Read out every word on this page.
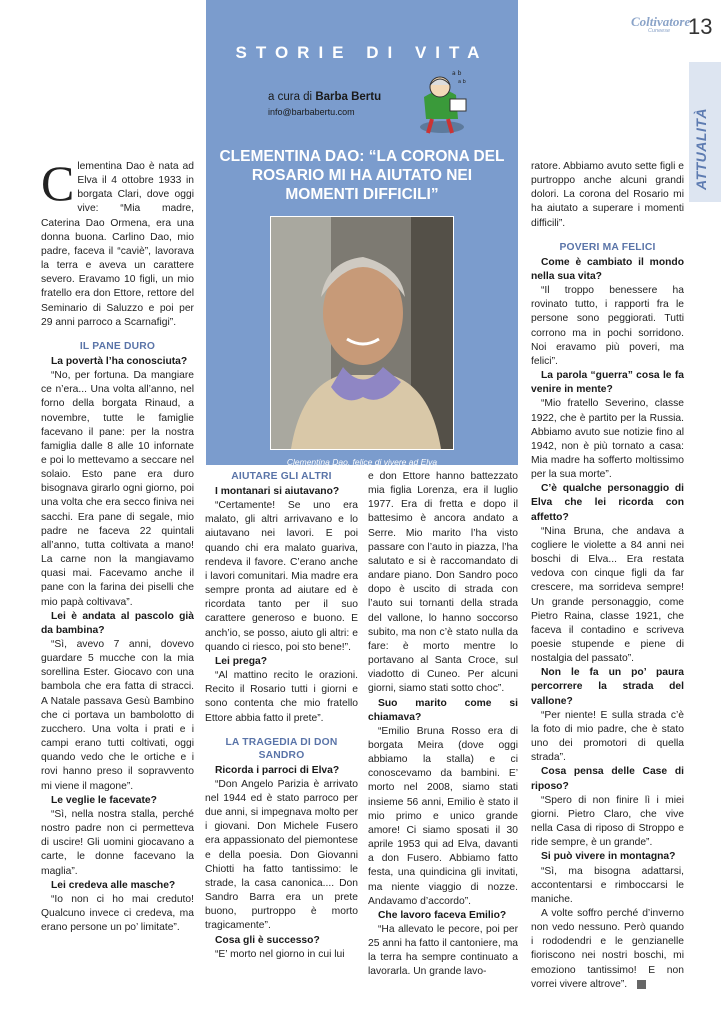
Coltivatore
Cuneese 13
ATTUALITÀ
STORIE DI VITA
a b
a b
a cura di Barba Bertu
info@barbabertu.com
CLEMENTINA DAO: “LA CORONA DEL ROSARIO MI HA AIUTATO NEI MOMENTI DIFFICILI”
Clementina Dao, felice di vivere ad Elva

Clementina Dao è nata ad Elva il 4 ottobre 1933 in borgata Clari, dove oggi vive: “Mia madre, Caterina Dao Ormena, era una donna buona. Carlino Dao, mio padre, faceva il “caviè”, lavorava la terra e aveva un carattere severo. Eravamo 10 figli, un mio fratello era don Ettore, rettore del Seminario di Saluzzo e poi per 29 anni parroco a Scarnafigi”.

IL PANE DURO

La povertà l’ha conosciuta?

“No, per fortuna. Da mangiare ce n’era... Una volta all’anno, nel forno della borgata Rinaud, a novembre, tutte le famiglie facevano il pane: per la nostra famiglia dalle 8 alle 10 infornate e poi lo mettevamo a seccare nel solaio. Esto pane era duro bisognava girarlo ogni giorno, poi una volta che era secco finiva nei sacchi. Era pane di segale, mio padre ne faceva 22 quintali all’anno, tutta coltivata a mano! La carne non la mangiavamo quasi mai. Facevamo anche il pane con la farina dei piselli che mio papà coltivava”.

Lei è andata al pascolo già da bambina?

“Sì, avevo 7 anni, dovevo guardare 5 mucche con la mia sorellina Ester. Giocavo con una bambola che era fatta di stracci. A Natale passava Gesù Bambino che ci portava un bambolotto di zucchero. Una volta i prati e i campi erano tutti coltivati, oggi quando vedo che le ortiche e i rovi hanno preso il sopravvento mi viene il magone”.

Le veglie le facevate?

“Sì, nella nostra stalla, perché nostro padre non ci permetteva di uscire! Gli uomini giocavano a carte, le donne facevano la maglia”.

Lei credeva alle masche?

“Io non ci ho mai creduto! Qualcuno invece ci credeva, ma erano persone un po’ limitate”.

AIUTARE GLI ALTRI

I montanari si aiutavano?

“Certamente! Se uno era malato, gli altri arrivavano e lo aiutavano nei lavori. E poi quando chi era malato guariva, rendeva il favore. C’erano anche i lavori comunitari. Mia madre era sempre pronta ad aiutare ed è ricordata tanto per il suo carattere generoso e buono. E anch’io, se posso, aiuto gli altri: e quando ci riesco, poi sto bene!”.

Lei prega?

“Al mattino recito le orazioni. Recito il Rosario tutti i giorni e sono contenta che mio fratello Ettore abbia fatto il prete”.

LA TRAGEDIA DI DON SANDRO

Ricorda i parroci di Elva?

“Don Angelo Parizia è arrivato nel 1944 ed è stato parroco per due anni, si impegnava molto per i giovani. Don Michele Fusero era appassionato del piemontese e della poesia. Don Giovanni Chiotti ha fatto tantissimo: le strade, la casa canonica.... Don Sandro Barra era un prete buono, purtroppo è morto tragicamente”.

Cosa gli è successo?

“E’ morto nel giorno in cui lui

e don Ettore hanno battezzato mia figlia Lorenza, era il luglio 1977. Era di fretta e dopo il battesimo è ancora andato a Serre. Mio marito l’ha visto passare con l’auto in piazza, l’ha salutato e si è raccomandato di andare piano. Don Sandro poco dopo è uscito di strada con l’auto sui tornanti della strada del vallone, lo hanno soccorso subito, ma non c’è stato nulla da fare: è morto mentre lo portavano al Santa Croce, sul viadotto di Cuneo. Per alcuni giorni, siamo stati sotto choc”.

Suo marito come si chiamava?

“Emilio Bruna Rosso era di borgata Meira (dove oggi abbiamo la stalla) e ci conoscevamo da bambini. E’ morto nel 2008, siamo stati insieme 56 anni, Emilio è stato il mio primo e unico grande amore! Ci siamo sposati il 30 aprile 1953 qui ad Elva, davanti a don Fusero. Abbiamo fatto festa, una quindicina gli invitati, ma niente viaggio di nozze. Andavamo d’accordo”.

Che lavoro faceva Emilio?

“Ha allevato le pecore, poi per 25 anni ha fatto il cantoniere, ma la terra ha sempre continuato a lavorarla. Un grande lavo-

ratore. Abbiamo avuto sette figli e purtroppo anche alcuni grandi dolori. La corona del Rosario mi ha aiutato a superare i momenti difficili”.

POVERI MA FELICI

Come è cambiato il mondo nella sua vita?

“Il troppo benessere ha rovinato tutto, i rapporti fra le persone sono peggiorati. Tutti corrono ma in pochi sorridono. Noi eravamo più poveri, ma felici”.

La parola “guerra” cosa le fa venire in mente?

“Mio fratello Severino, classe 1922, che è partito per la Russia. Abbiamo avuto sue notizie fino al 1942, non è più tornato a casa: Mia madre ha sofferto moltissimo per la sua morte”.

C’è qualche personaggio di Elva che lei ricorda con affetto?

“Nina Bruna, che andava a cogliere le violette a 84 anni nei boschi di Elva... Era restata vedova con cinque figli da far crescere, ma sorrideva sempre! Un grande personaggio, come Pietro Raina, classe 1921, che faceva il contadino e scriveva poesie stupende e piene di nostalgia del passato”.

Non le fa un po’ paura percorrere la strada del vallone?

“Per niente! E sulla strada c’è la foto di mio padre, che è stato uno dei promotori di quella strada”.

Cosa pensa delle Case di riposo?

“Spero di non finire lì i miei giorni. Pietro Claro, che vive nella Casa di riposo di Stroppo e ride sempre, è un grande”.

Si può vivere in montagna?

“Sì, ma bisogna adattarsi, accontentarsi e rimboccarsi le maniche.

A volte soffro perché d’inverno non vedo nessuno. Però quando i rododendri e le genzianelle fioriscono nei nostri boschi, mi emoziono tantissimo! E non vorrei vivere altrove”.
